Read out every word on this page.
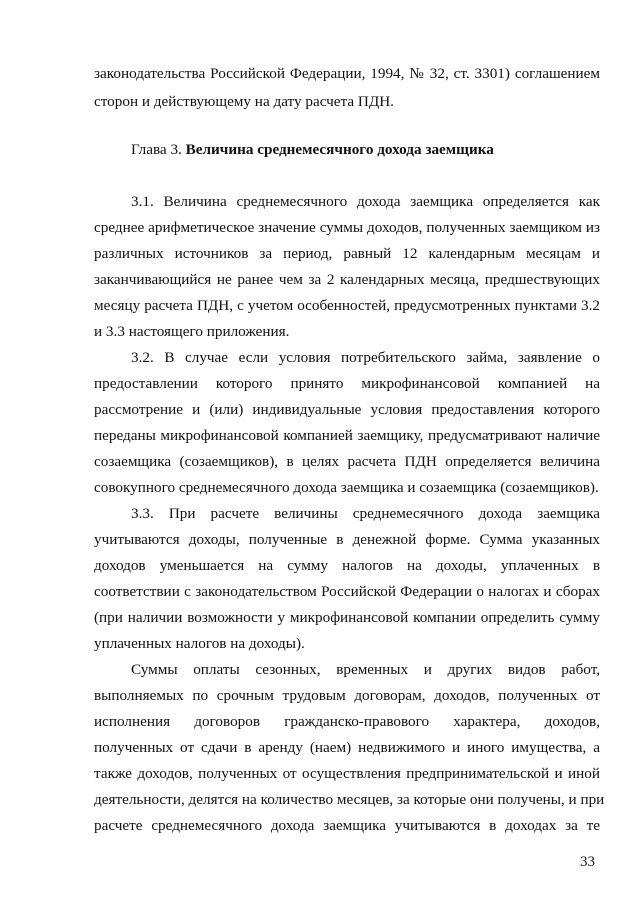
законодательства Российской Федерации, 1994, № 32, ст. 3301) соглашением
сторон и действующему на дату расчета ПДН.
Глава 3. Величина среднемесячного дохода заемщика
3.1. Величина среднемесячного дохода заемщика определяется как
среднее арифметическое значение суммы доходов, полученных заемщиком из
различных источников за период, равный 12 календарным месяцам и
заканчивающийся не ранее чем за 2 календарных месяца, предшествующих
месяцу расчета ПДН, с учетом особенностей, предусмотренных пунктами 3.2
и 3.3 настоящего приложения.
3.2. В случае если условия потребительского займа, заявление о
предоставлении которого принято микрофинансовой компанией на
рассмотрение и (или) индивидуальные условия предоставления которого
переданы микрофинансовой компанией заемщику, предусматривают наличие
созаемщика (созаемщиков), в целях расчета ПДН определяется величина
совокупного среднемесячного дохода заемщика и созаемщика (созаемщиков).
3.3. При расчете величины среднемесячного дохода заемщика
учитываются доходы, полученные в денежной форме. Сумма указанных
доходов уменьшается на сумму налогов на доходы, уплаченных в
соответствии с законодательством Российской Федерации о налогах и сборах
(при наличии возможности у микрофинансовой компании определить сумму
уплаченных налогов на доходы).
Суммы оплаты сезонных, временных и других видов работ,
выполняемых по срочным трудовым договорам, доходов, полученных от
исполнения договоров гражданско-правового характера, доходов,
полученных от сдачи в аренду (наем) недвижимого и иного имущества, а
также доходов, полученных от осуществления предпринимательской и иной
деятельности, делятся на количество месяцев, за которые они получены, и при
расчете среднемесячного дохода заемщика учитываются в доходах за те
33
